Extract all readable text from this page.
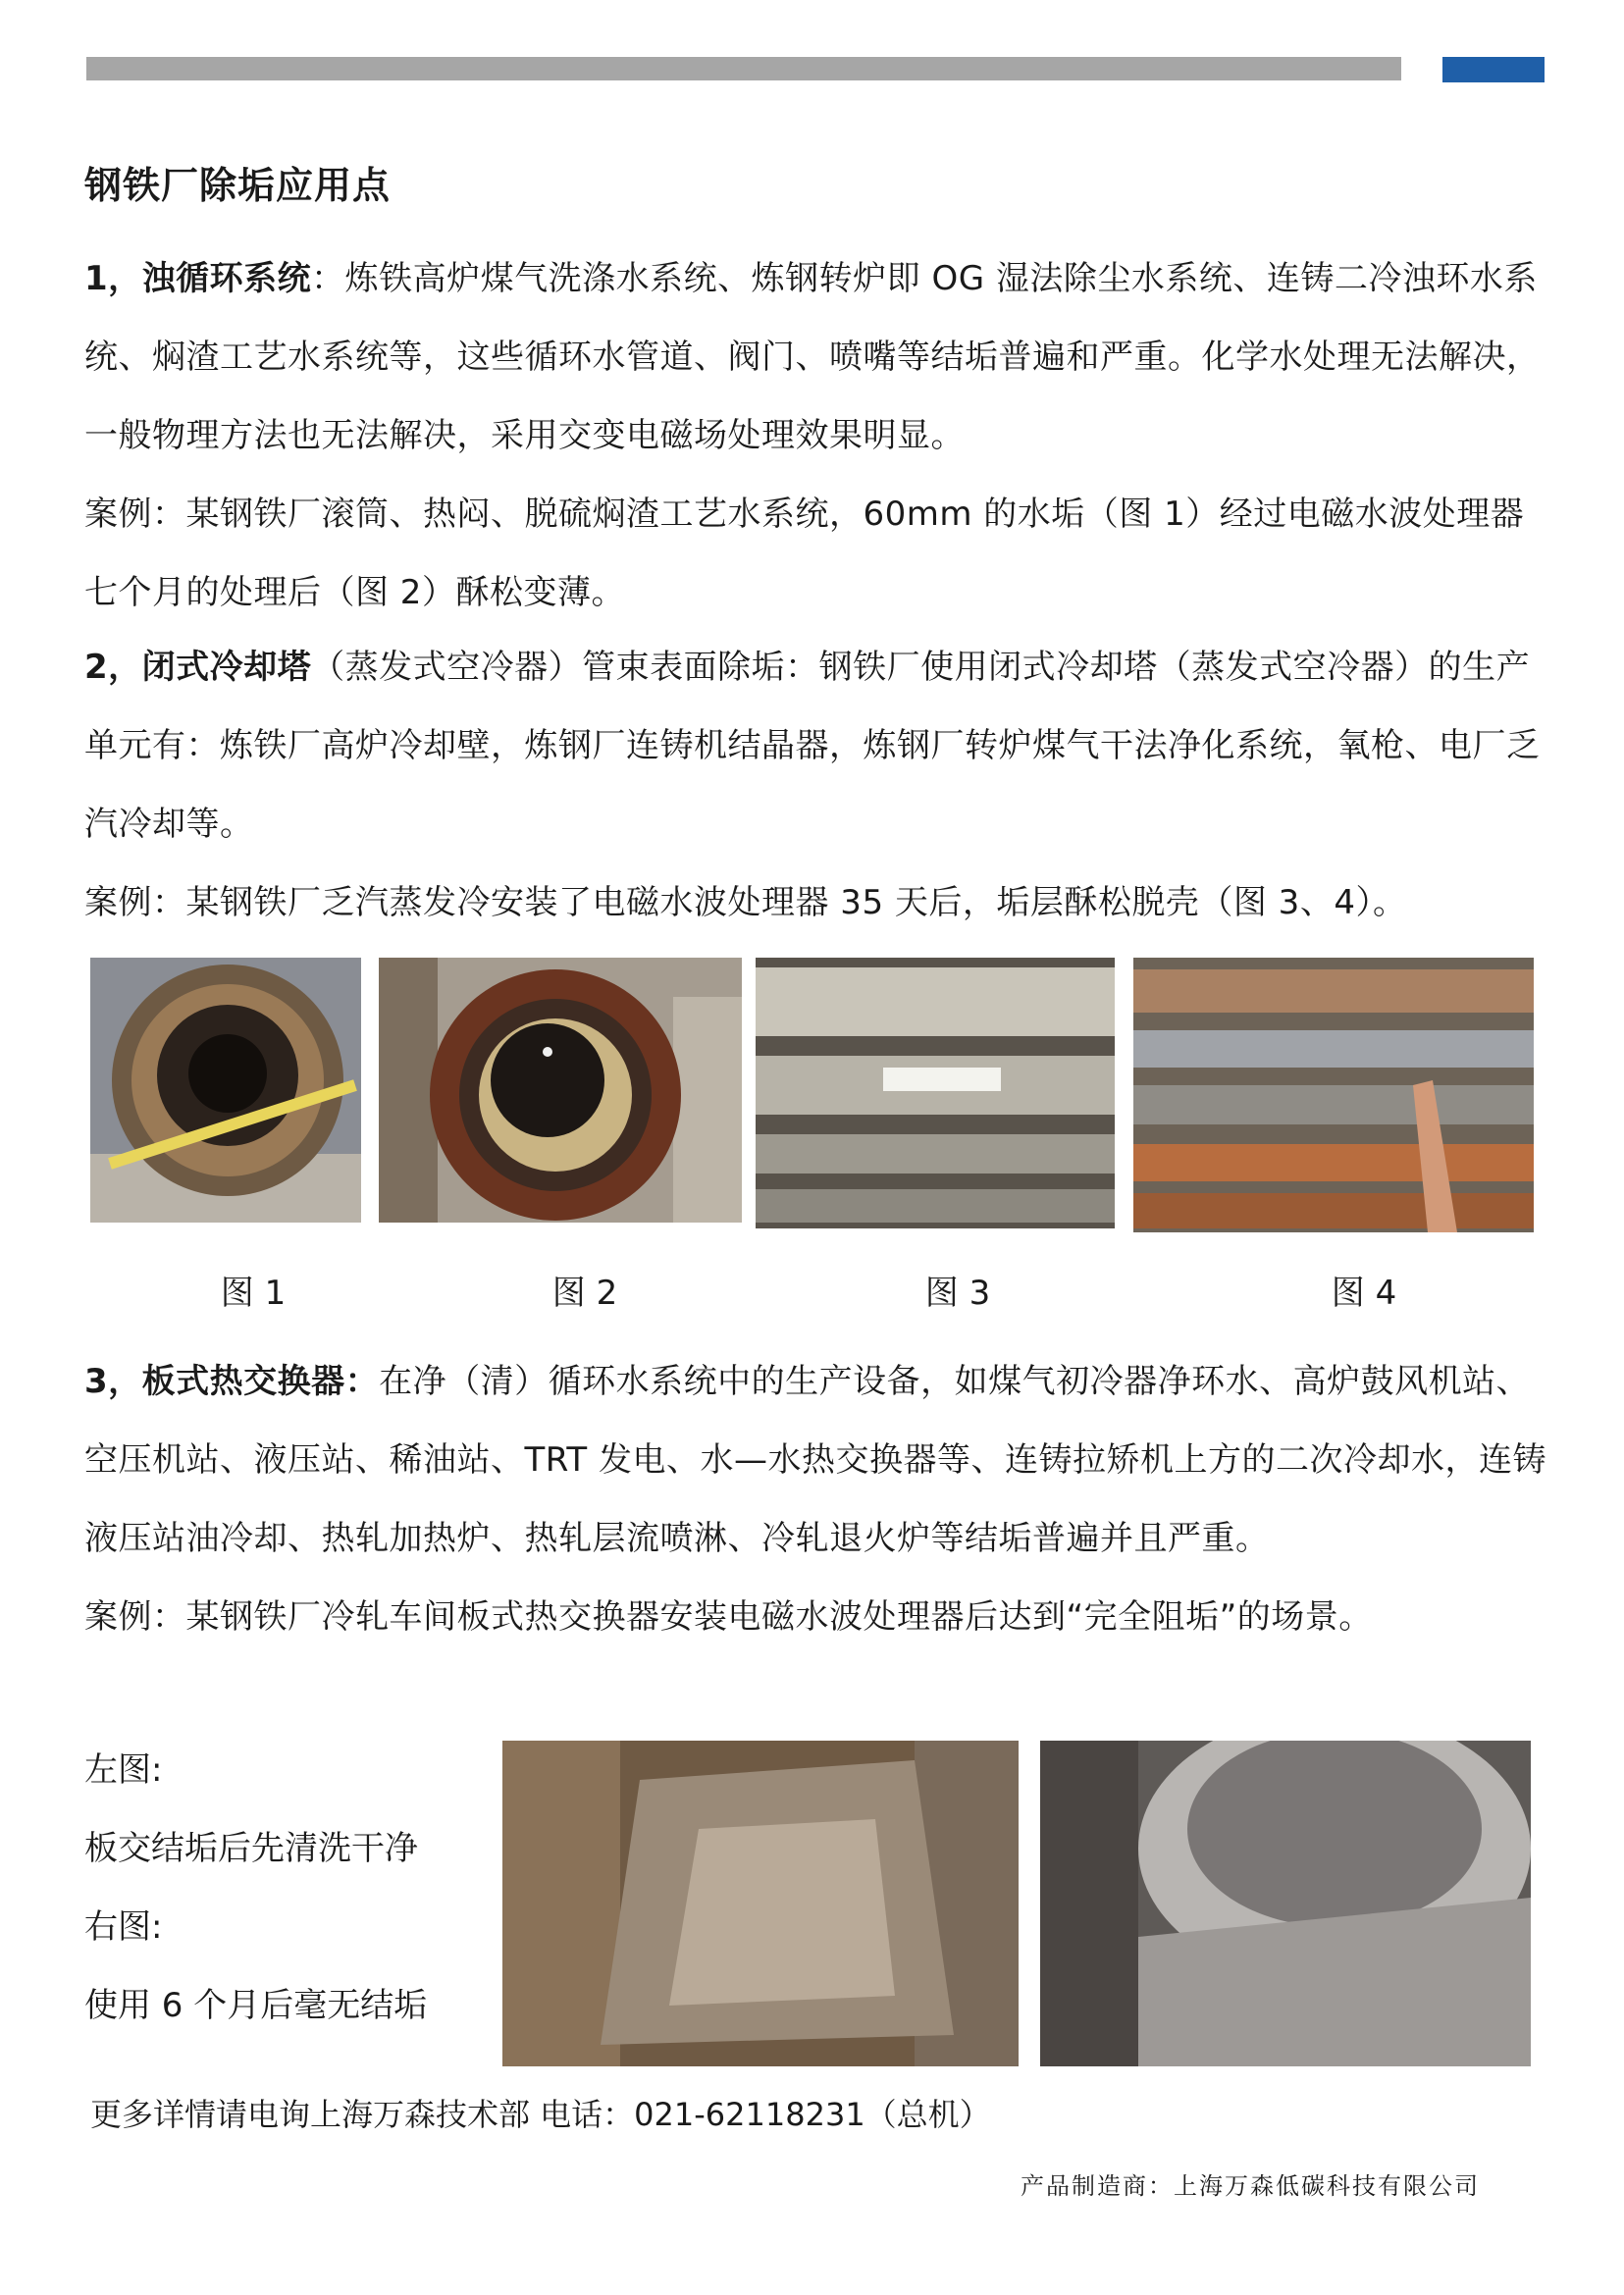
钢铁厂除垢应用点
1，浊循环系统：炼铁高炉煤气洗涤水系统、炼钢转炉即 OG 湿法除尘水系统、连铸二冷浊环水系统、焖渣工艺水系统等，这些循环水管道、阀门、喷嘴等结垢普遍和严重。化学水处理无法解决，一般物理方法也无法解决，采用交变电磁场处理效果明显。
案例：某钢铁厂滚筒、热闷、脱硫焖渣工艺水系统，60mm 的水垢（图 1）经过电磁水波处理器七个月的处理后（图 2）酥松变薄。
2，闭式冷却塔（蒸发式空冷器）管束表面除垢：钢铁厂使用闭式冷却塔（蒸发式空冷器）的生产单元有：炼铁厂高炉冷却壁，炼钢厂连铸机结晶器，炼钢厂转炉煤气干法净化系统，氧枪、电厂乏汽冷却等。
案例：某钢铁厂乏汽蒸发冷安装了电磁水波处理器 35 天后，垢层酥松脱壳（图 3、4）。
图 1	图 2	图 3	图 4
3，板式热交换器：在净（清）循环水系统中的生产设备，如煤气初冷器净环水、高炉鼓风机站、空压机站、液压站、稀油站、TRT 发电、水—水热交换器等、连铸拉矫机上方的二次冷却水，连铸液压站油冷却、热轧加热炉、热轧层流喷淋、冷轧退火炉等结垢普遍并且严重。
案例：某钢铁厂冷轧车间板式热交换器安装电磁水波处理器后达到“完全阻垢”的场景。
左图:
板交结垢后先清洗干净
右图:
使用 6 个月后毫无结垢
更多详情请电询上海万森技术部 电话：021-62118231（总机）
产品制造商：上海万森低碳科技有限公司
